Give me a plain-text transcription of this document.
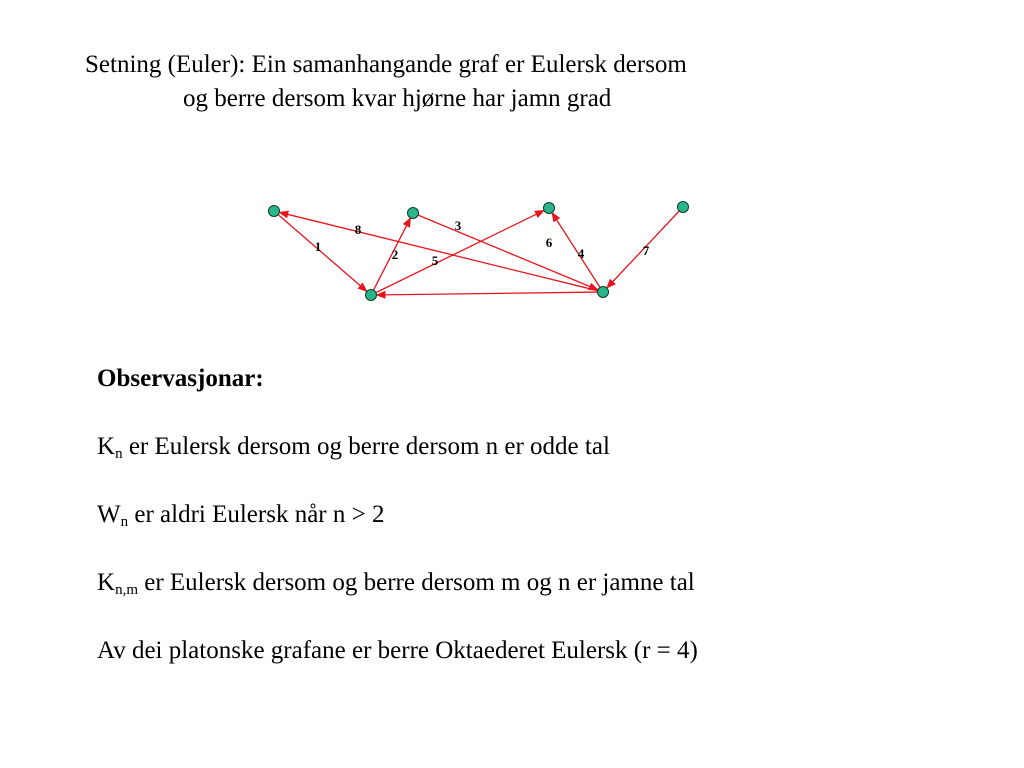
Setning (Euler): Ein samanhangande graf er Eulersk dersom
og berre dersom kvar hjørne har jamn grad
1
2
3
4
5
6
7
8
Observasjonar:
$K_n$ er Eulersk dersom og berre dersom n er odde tal
$W_n$ er aldri Eulersk når n > 2
$K_{n,m}$ er Eulersk dersom og berre dersom m og n er jamne tal
Av dei platonske grafane er berre Oktaederet Eulersk (r = 4)
